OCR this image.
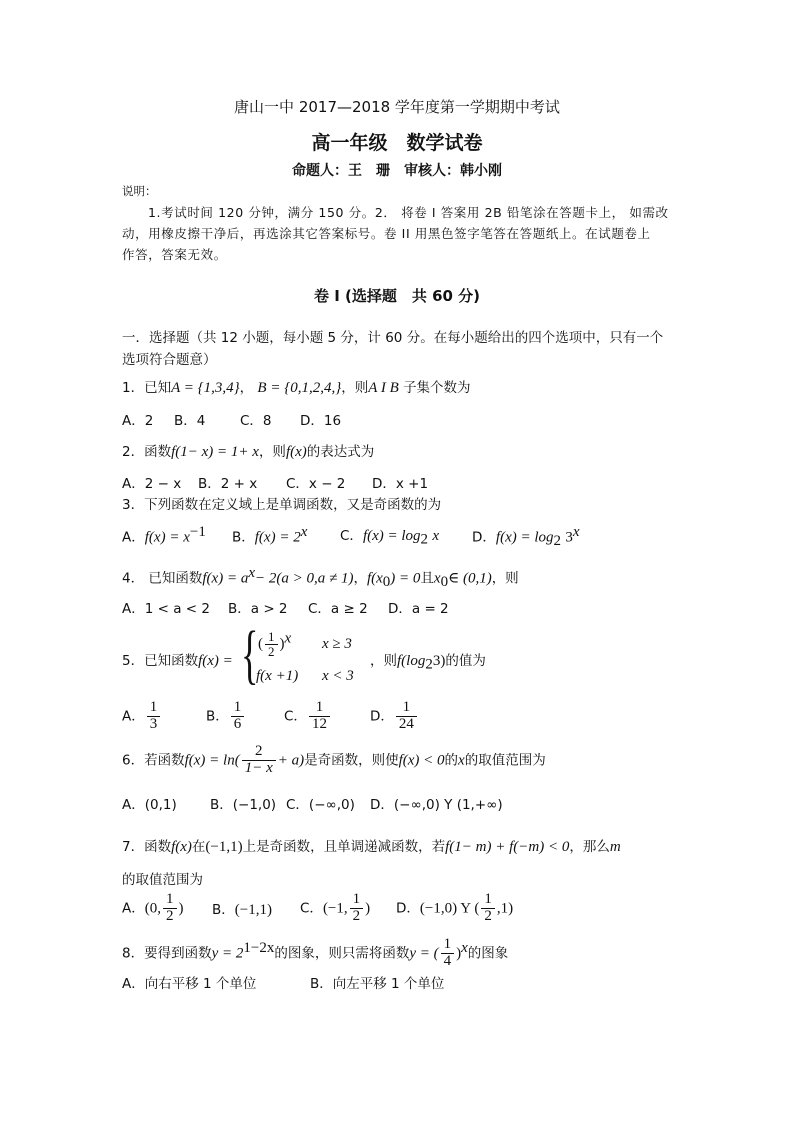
唐山一中 2017—2018 学年度第一学期期中考试
高一年级　数学试卷
命题人：王　珊　审核人：韩小刚
说明：
1.考试时间 120 分钟，满分 150 分。2． 将卷 I 答案用 2B 铅笔涂在答题卡上， 如需改
动，用橡皮擦干净后，再选涂其它答案标号。卷 II 用黑色签字笔答在答题纸上。在试题卷上
作答，答案无效。
卷 I (选择题　共 60 分)
一．选择题（共 12 小题，每小题 5 分，计 60 分。在每小题给出的四个选项中，只有一个
选项符合题意）
1．已知A = {1,3,4}， B = {0,1,2,4,}，则A I B 子集个数为
A．2 B．4	C．8 D．16
2．函数f(1− x) = 1+ x，则f(x)的表达式为
A．2 − x B．2 + x C．x − 2 D．x +1
3．下列函数在定义域上是单调函数，又是奇函数的为
A．$f(x) = x^{-1}$ B．$f(x) = 2^x$ C．$f(x) = \log_2 x$ D．$f(x) = \log_2 3^x$
4． 已知函数$f(x) = a^x- 2(a > 0,a \ne 1)$，$f(x_0) = 0$且$x_0\in$ (0,1)，则
A．1 < a < 2 B．a > 2 C．a ≥ 2 D．a = 2
5．已知函数f(x) = { ( $\frac{1}{2} )^x$ x ≥ 3
f(x +1) x < 3
，则$f(\log_23)$的值为
A． $\frac{1}{3}$	B． $\frac{1}{6}$	C． $\frac{1}{12}$	D． $\frac{1}{24}$
6．若函数$f(x) = \ln( \frac{2}{1- x} + a)$是奇函数，则使f(x) < 0的x的取值范围为
A．(0,1) B．(−1,0) C．(−∞,0) D．(−∞,0) Y (1,+∞)
7．函数f(x)在(−1,1)上是奇函数，且单调递减函数，若f(1− m) + f(−m) < 0，那么m
的取值范围为
A．(0, $\frac{1}{2}$ ) B．(−1,1) C．(−1, $\frac{1}{2}$ ) D．(−1,0) Y ( $\frac{1}{2} ,1$)
8．要得到函数$y = 2^{1-2x}$的图象，则只需将函数y = ( $\frac{1}{4} )^x$的图象
A．向右平移 1 个单位	B．向左平移 1 个单位
